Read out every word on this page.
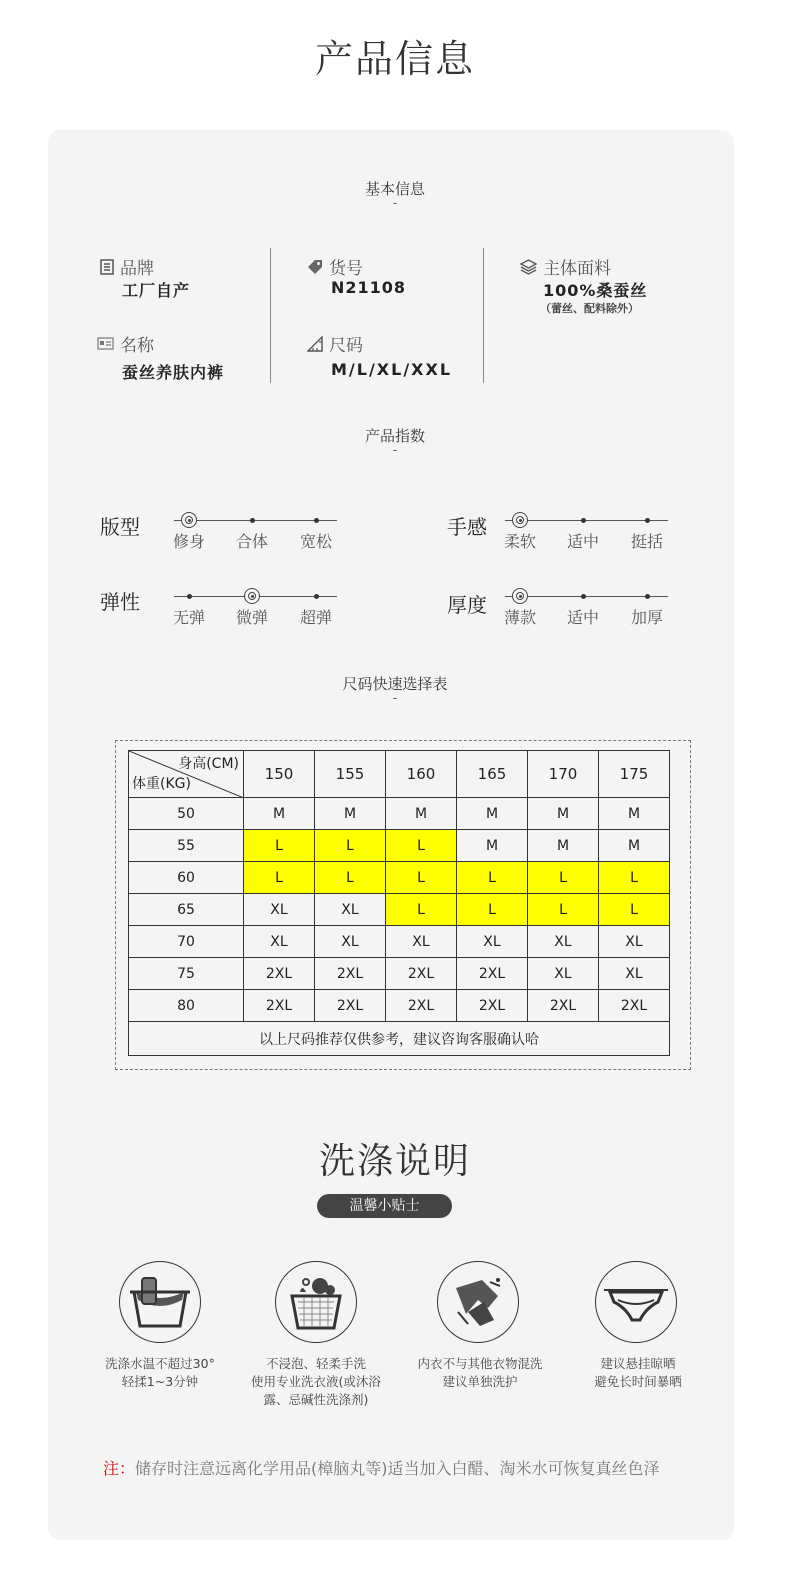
产品信息
基本信息
-
品牌
工厂自产
名称
蚕丝养肤内裤
货号
N21108
尺码
M/L/XL/XXL
主体面料
100%桑蚕丝
（蕾丝、配料除外）
产品指数
-
版型
修身	合体	宽松
手感
柔软	适中	挺括
弹性
无弹	微弹	超弹
厚度
薄款	适中	加厚
尺码快速选择表
-
身高(CM)
体重(KG)	150	155	160	165	170	175
50	M	M	M	M	M	M
55	L	L	L	M	M	M
60	L	L	L	L	L	L
65	XL	XL	L	L	L	L
70	XL	XL	XL	XL	XL	XL
75	2XL	2XL	2XL	2XL	XL	XL
80	2XL	2XL	2XL	2XL	2XL	2XL
以上尺码推荐仅供参考，建议咨询客服确认哈						
洗涤说明
温馨小贴士
洗涤水温不超过30°
轻揉1~3分钟
不浸泡、轻柔手洗
使用专业洗衣液(或沐浴
露、忌碱性洗涤剂)
内衣不与其他衣物混洗
建议单独洗护
建议悬挂晾晒
避免长时间暴晒
注：储存时注意远离化学用品(樟脑丸等)适当加入白醋、淘米水可恢复真丝色泽
